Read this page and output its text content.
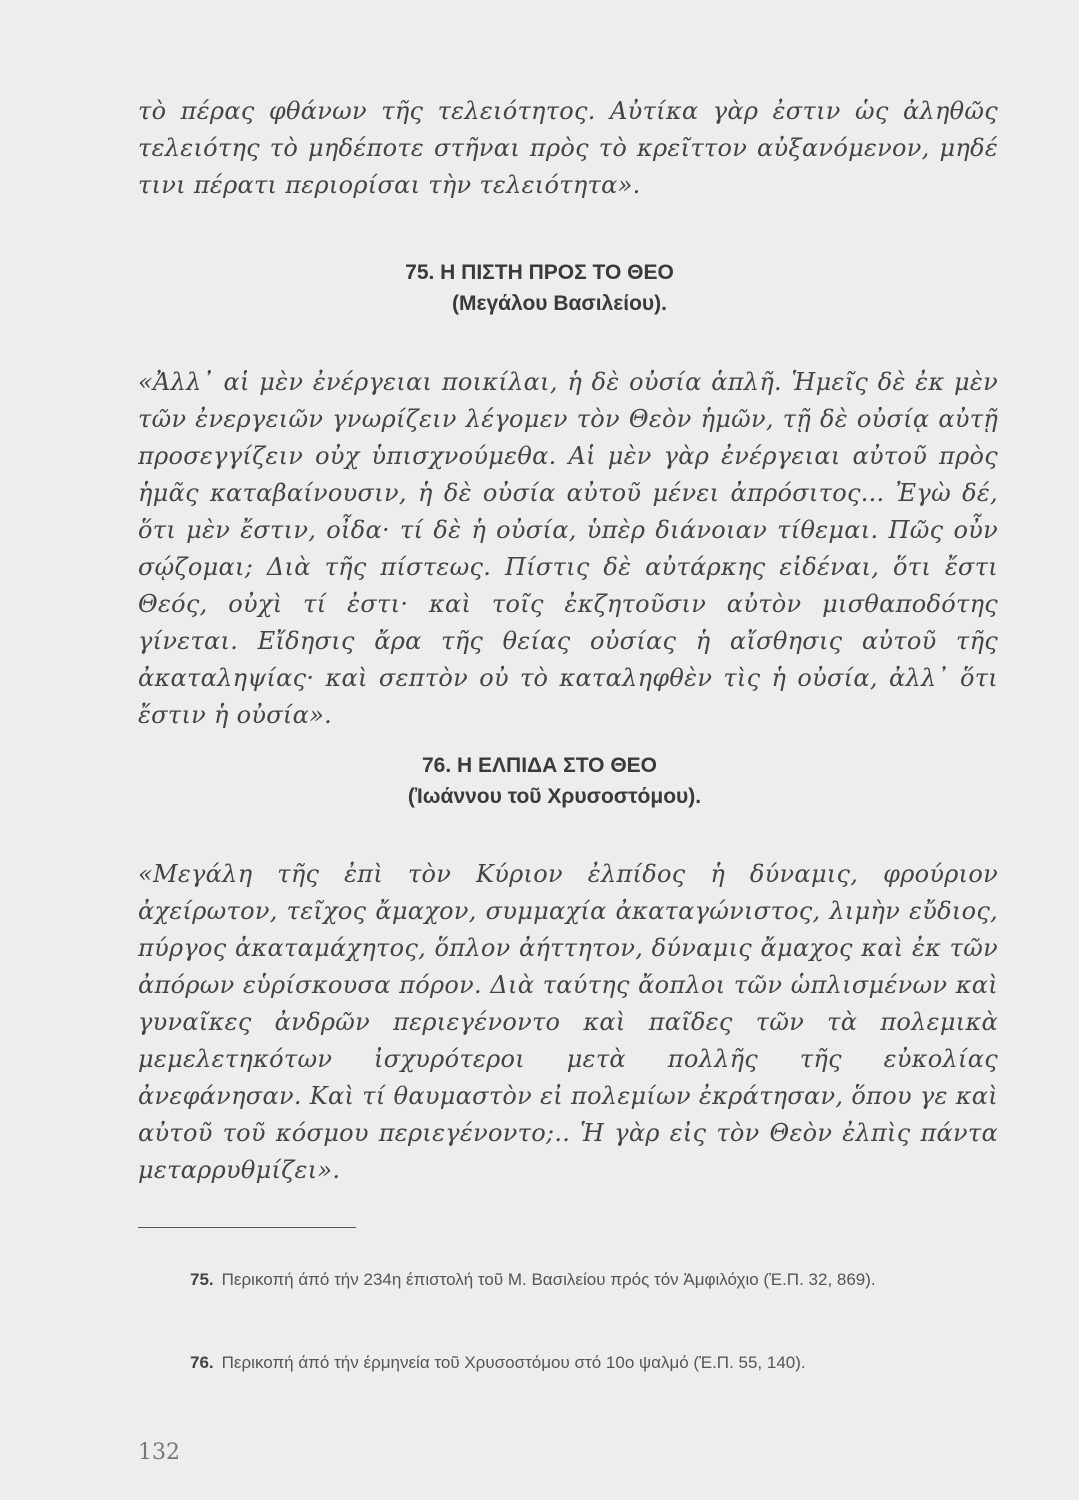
τὸ πέρας φθάνων τῆς τελειότητος. Αὐτίκα γὰρ ἐστιν ὡς ἀληθῶς τελειότης τὸ μηδέποτε στῆναι πρὸς τὸ κρεῖττον αὐξανόμενον, μηδέ τινι πέρατι περιορίσαι τὴν τελειότητα».

75. Η ΠΙΣΤΗ ΠΡΟΣ ΤΟ ΘΕΟ
(Μεγάλου Βασιλείου).

«Ἀλλ᾿ αἱ μὲν ἐνέργειαι ποικίλαι, ἡ δὲ οὐσία ἁπλῆ. Ἡμεῖς δὲ ἐκ μὲν τῶν ἐνεργειῶν γνωρίζειν λέγομεν τὸν Θεὸν ἡμῶν, τῇ δὲ οὐσίᾳ αὐτῇ προσεγγίζειν οὐχ ὑπισχνούμεθα. Αἱ μὲν γὰρ ἐνέργειαι αὐτοῦ πρὸς ἡμᾶς καταβαίνουσιν, ἡ δὲ οὐσία αὐτοῦ μένει ἀπρόσιτος... Ἐγὼ δέ, ὅτι μὲν ἔστιν, οἶδα· τί δὲ ἡ οὐσία, ὑπὲρ διάνοιαν τίθεμαι. Πῶς οὖν σῴζομαι; Διὰ τῆς πίστεως. Πίστις δὲ αὐτάρκης εἰδέναι, ὅτι ἔστι Θεός, οὐχὶ τί ἐστι· καὶ τοῖς ἐκζητοῦσιν αὐτὸν μισθαποδότης γίνεται. Εἴδησις ἄρα τῆς θείας οὐσίας ἡ αἴσθησις αὐτοῦ τῆς ἀκαταληψίας· καὶ σεπτὸν οὐ τὸ καταληφθὲν τὶς ἡ οὐσία, ἀλλ᾿ ὅτι ἔστιν ἡ οὐσία».

76. Η ΕΛΠΙΔΑ ΣΤΟ ΘΕΟ
(Ἰωάννου τοῦ Χρυσοστόμου).

«Μεγάλη τῆς ἐπὶ τὸν Κύριον ἐλπίδος ἡ δύναμις, φρούριον ἀχείρωτον, τεῖχος ἄμαχον, συμμαχία ἀκαταγώνιστος, λιμὴν εὔδιος, πύργος ἀκαταμάχητος, ὅπλον ἀήττητον, δύναμις ἄμαχος καὶ ἐκ τῶν ἀπόρων εὑρίσκουσα πόρον. Διὰ ταύτης ἄοπλοι τῶν ὡπλισμένων καὶ γυναῖκες ἀνδρῶν περιεγένοντο καὶ παῖδες τῶν τὰ πολεμικὰ μεμελετηκότων ἰσχυρότεροι μετὰ πολλῆς τῆς εὐκολίας ἀνεφάνησαν. Καὶ τί θαυμαστὸν εἰ πολεμίων ἐκράτησαν, ὅπου γε καὶ αὐτοῦ τοῦ κόσμου περιεγένοντο;.. Ἡ γὰρ εἰς τὸν Θεὸν ἐλπὶς πάντα μεταρρυθμίζει».

75. Περικοπή άπό τήν 234η έπιστολή τοῦ Μ. Βασιλείου πρός τόν Ἀμφιλόχιο (Ἐ.Π. 32, 869).

76. Περικοπή άπό τήν έρμηνεία τοῦ Χρυσοστόμου στό 10ο ψαλμό (Ἐ.Π. 55, 140).

132
